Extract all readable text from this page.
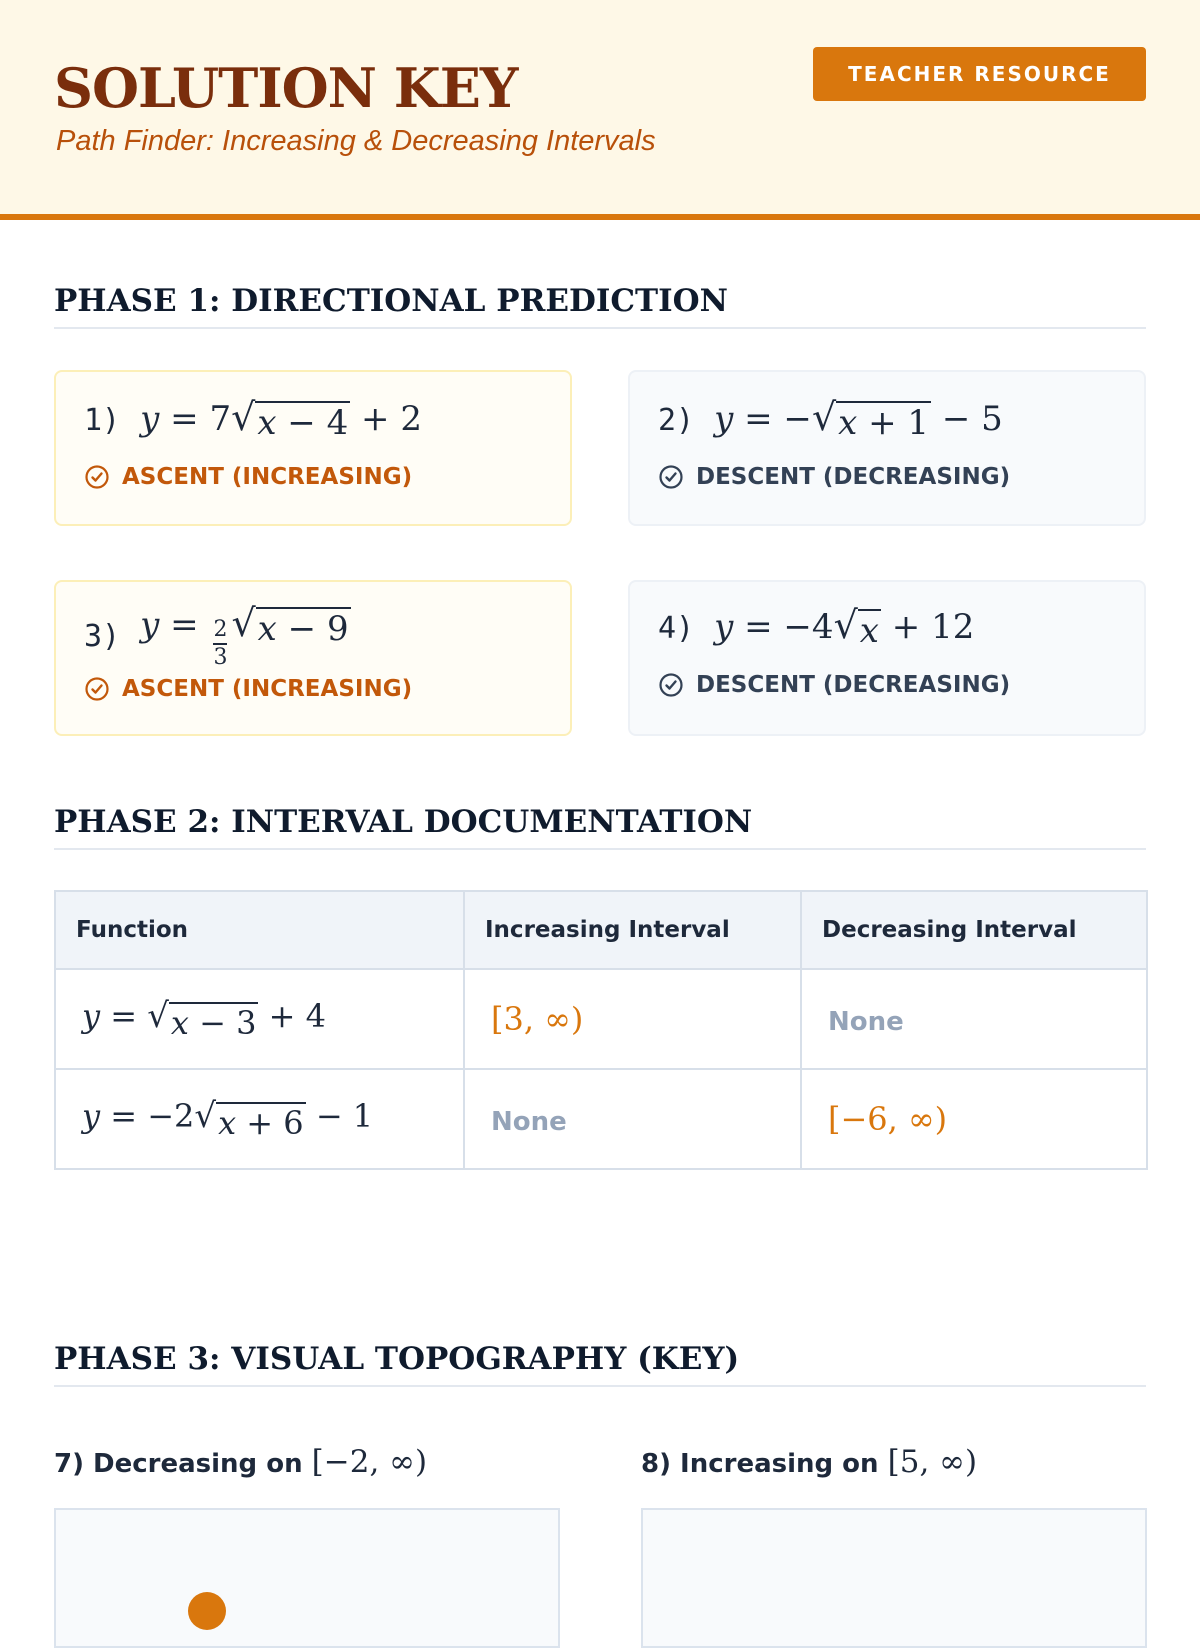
SOLUTION KEY
Path Finder: Increasing & Decreasing Intervals
TEACHER RESOURCE
PHASE 1: DIRECTIONAL PREDICTION
1) y = 7 √ x − 4 + 2
ASCENT (INCREASING)
2) y = − √ x + 1 − 5
DESCENT (DECREASING)
3) $y = \frac{2}{3}$ √ x − 9
ASCENT (INCREASING)
4) y = −4 √ x + 12
DESCENT (DECREASING)
PHASE 2: INTERVAL DOCUMENTATION
Function	Increasing Interval	Decreasing Interval
y = √ x − 3 + 4	[3, ∞)	None
y = −2 √ x + 6 − 1	None	[−6, ∞)
PHASE 3: VISUAL TOPOGRAPHY (KEY)
7) Decreasing on [−2, ∞)	8) Increasing on [5, ∞)
